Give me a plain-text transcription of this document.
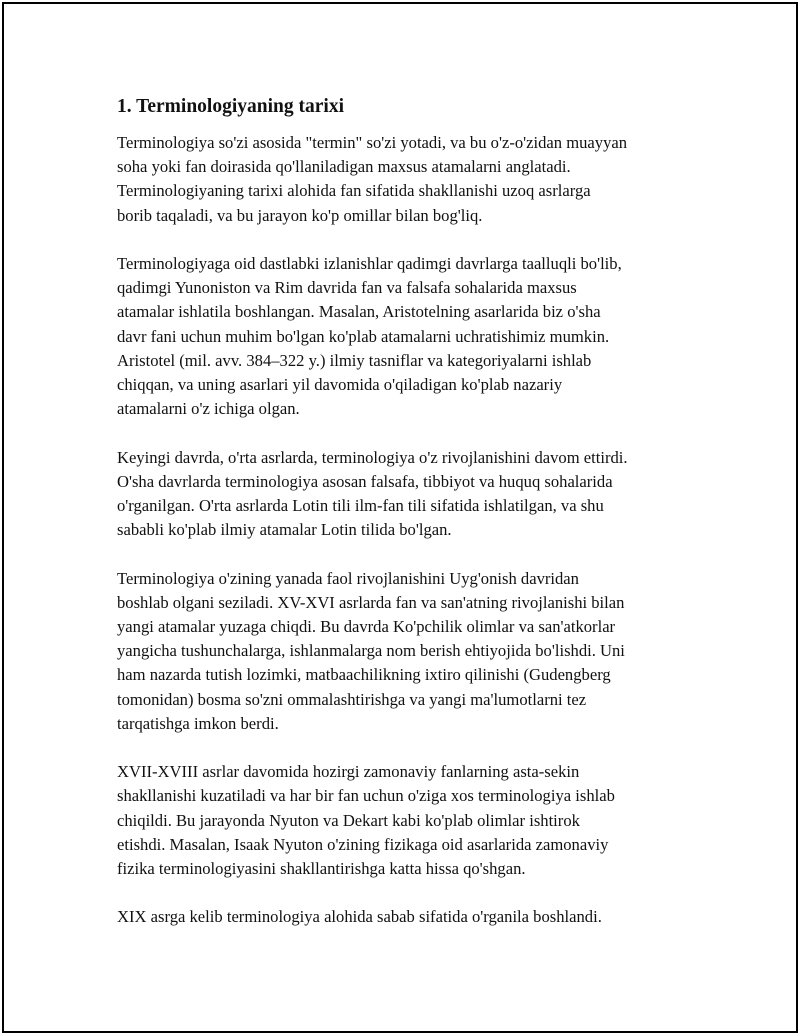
1. Terminologiyaning tarixi

Terminologiya so'zi asosida "termin" so'zi yotadi, va bu o'z-o'zidan muayyan
soha yoki fan doirasida qo'llaniladigan maxsus atamalarni anglatadi.
Terminologiyaning tarixi alohida fan sifatida shakllanishi uzoq asrlarga
borib taqaladi, va bu jarayon ko'p omillar bilan bog'liq.

Terminologiyaga oid dastlabki izlanishlar qadimgi davrlarga taalluqli bo'lib,
qadimgi Yunoniston va Rim davrida fan va falsafa sohalarida maxsus
atamalar ishlatila boshlangan. Masalan, Aristotelning asarlarida biz o'sha
davr fani uchun muhim bo'lgan ko'plab atamalarni uchratishimiz mumkin.
Aristotel (mil. avv. 384–322 y.) ilmiy tasniflar va kategoriyalarni ishlab
chiqqan, va uning asarlari yil davomida o'qiladigan ko'plab nazariy
atamalarni o'z ichiga olgan.

Keyingi davrda, o'rta asrlarda, terminologiya o'z rivojlanishini davom ettirdi.
O'sha davrlarda terminologiya asosan falsafa, tibbiyot va huquq sohalarida
o'rganilgan. O'rta asrlarda Lotin tili ilm-fan tili sifatida ishlatilgan, va shu
sababli ko'plab ilmiy atamalar Lotin tilida bo'lgan.

Terminologiya o'zining yanada faol rivojlanishini Uyg'onish davridan
boshlab olgani seziladi. XV-XVI asrlarda fan va san'atning rivojlanishi bilan
yangi atamalar yuzaga chiqdi. Bu davrda Ko'pchilik olimlar va san'atkorlar
yangicha tushunchalarga, ishlanmalarga nom berish ehtiyojida bo'lishdi. Uni
ham nazarda tutish lozimki, matbaachilikning ixtiro qilinishi (Gudengberg
tomonidan) bosma so'zni ommalashtirishga va yangi ma'lumotlarni tez
tarqatishga imkon berdi.

XVII-XVIII asrlar davomida hozirgi zamonaviy fanlarning asta-sekin
shakllanishi kuzatiladi va har bir fan uchun o'ziga xos terminologiya ishlab
chiqildi. Bu jarayonda Nyuton va Dekart kabi ko'plab olimlar ishtirok
etishdi. Masalan, Isaak Nyuton o'zining fizikaga oid asarlarida zamonaviy
fizika terminologiyasini shakllantirishga katta hissa qo'shgan.

XIX asrga kelib terminologiya alohida sabab sifatida o'rganila boshlandi.
